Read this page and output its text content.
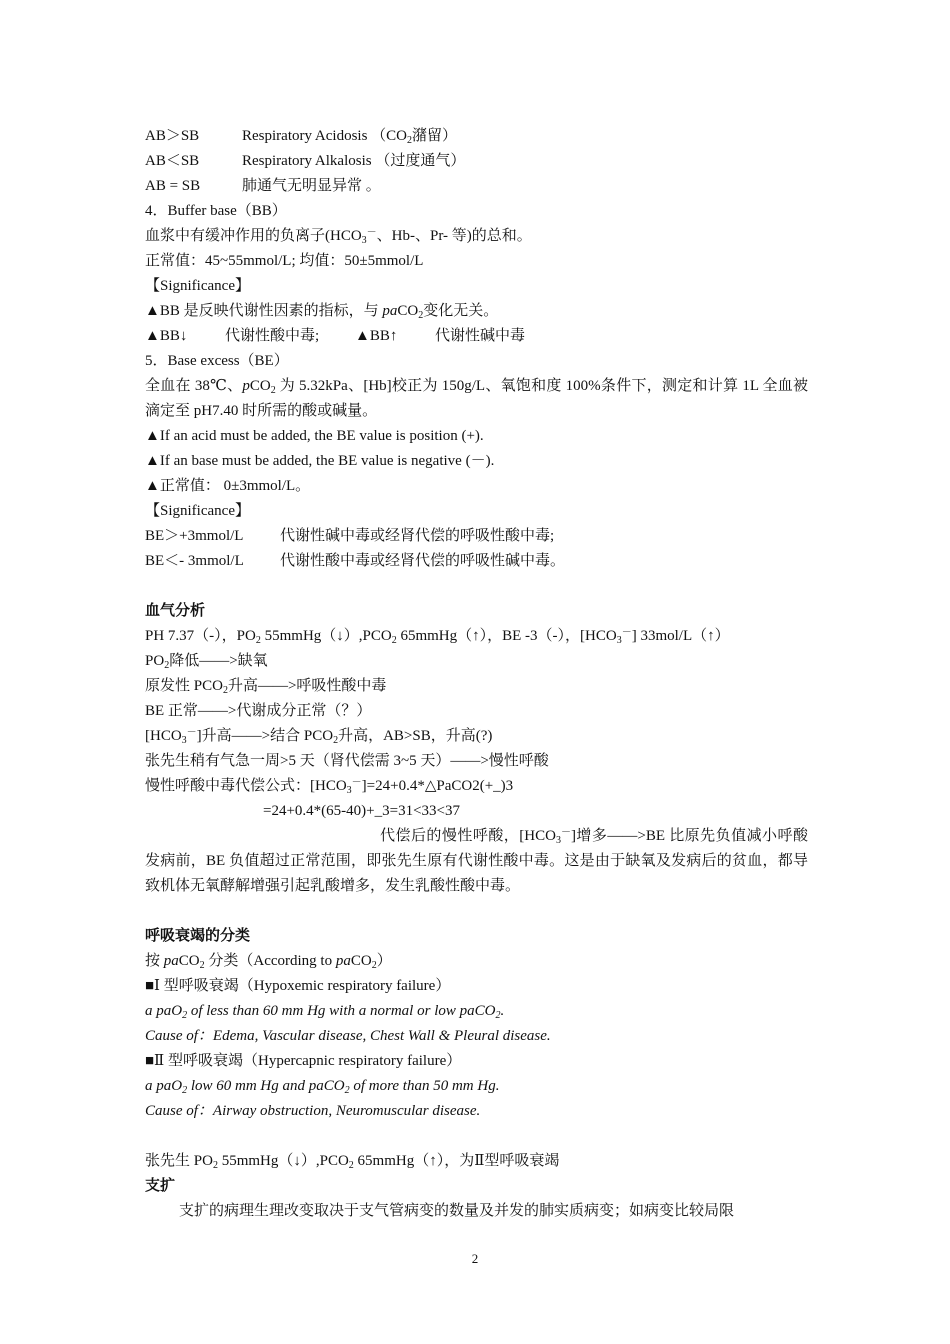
AB＞SB	Respiratory Acidosis （$CO_2$潴留）
AB＜SB	Respiratory Alkalosis （过度通气）
AB = SB	肺通气无明显异常 。
4．Buffer base（BB）
血浆中有缓冲作用的负离子($HCO_3^-$、Hb-、Pr- 等)的总和。
正常值：45~55mmol/L; 均值：50±5mmol/L
【Significance】
▲BB 是反映代谢性因素的指标，与 paCO$_2$变化无关。
▲BB↓	代谢性酸中毒; ▲BB↑	代谢性碱中毒
5．Base excess（BE）
全血在 38℃、pCO$_2$ 为 5.32kPa、[Hb]校正为 150g/L、氧饱和度 100%条件下，测定和计算 1L 全血被滴定至 pH7.40 时所需的酸或碱量。
▲If an acid must be added, the BE value is position (+).
▲If an base must be added, the BE value is negative (－).
▲正常值： 0±3mmol/L。
【Significance】
BE＞+3mmol/L 代谢性碱中毒或经肾代偿的呼吸性酸中毒;
BE＜- 3mmol/L 代谢性酸中毒或经肾代偿的呼吸性碱中毒。
血气分析
PH 7.37（-），$PO_2$ $55mmHg(↓),PCO_2$ 65mmHg（↑），BE -3（-），$[HCO_3^-]$ 33mol/L（↑）
$PO_2$降低——>缺氧
原发性 $PCO_2$升高——>呼吸性酸中毒
BE 正常——>代谢成分正常（？）
$[HCO_3^-]$升高——>结合 $PCO_2$升高，AB>SB，升高(?)
张先生稍有气急一周>5 天（肾代偿需 3~5 天）——>慢性呼酸
慢性呼酸中毒代偿公式：$[HCO_3^-]=24+0.4*\triangle PaCO2(+\_)3$
=24+0.4*(65-40)+_3=31<33<37
代偿后的慢性呼酸，$[HCO_3^-]$增多——>BE 比原先负值减小呼酸发病前，BE 负值超过正常范围，即张先生原有代谢性酸中毒。这是由于缺氧及发病后的贫血，都导致机体无氧酵解增强引起乳酸增多，发生乳酸性酸中毒。
呼吸衰竭的分类
按 paCO$_2$ 分类（According to paCO$_2$）
■Ⅰ 型呼吸衰竭（Hypoxemic respiratory failure）
a paO$_2$ of less than 60 mm Hg with a normal or low paCO$_2$.
Cause of：Edema, Vascular disease, Chest Wall & Pleural disease.
■Ⅱ 型呼吸衰竭（Hypercapnic respiratory failure）
a paO$_2$ low 60 mm Hg and paCO$_2$ of more than 50 mm Hg.
Cause of：Airway obstruction, Neuromuscular disease.
张先生 $PO_2$ $55mmHg(↓),PCO_2$ 65mmHg（↑），为Ⅱ型呼吸衰竭
支扩
支扩的病理生理改变取决于支气管病变的数量及并发的肺实质病变；如病变比较局限
2
